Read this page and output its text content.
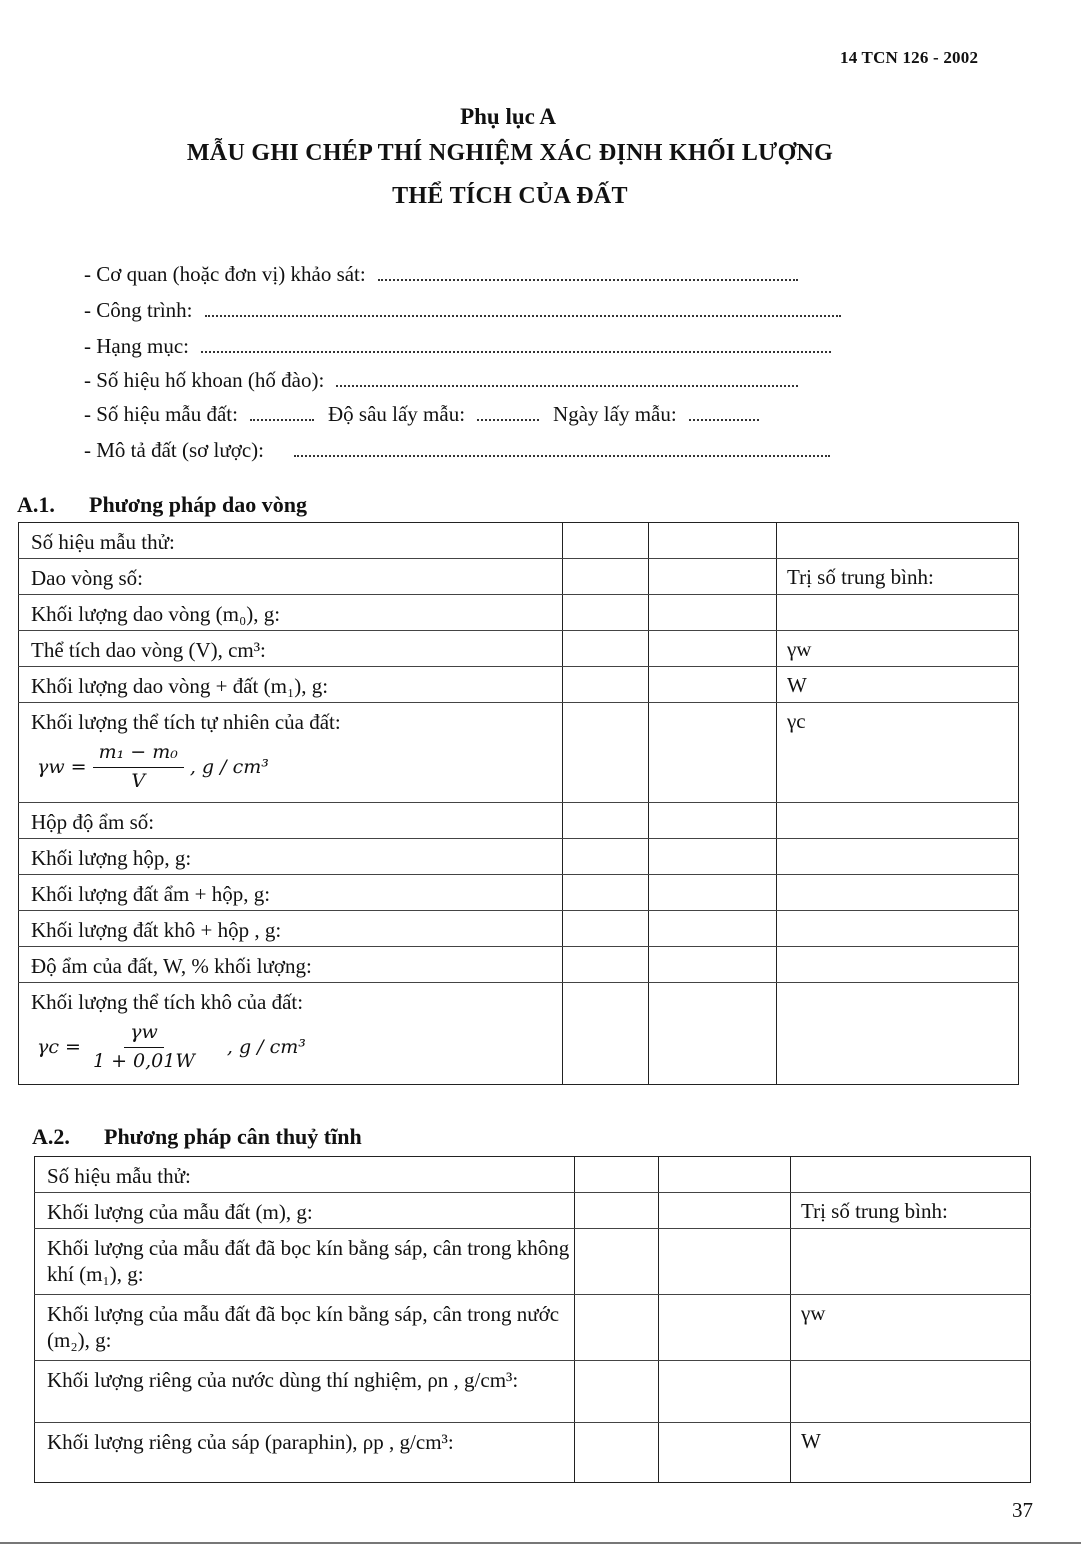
14 TCN 126 - 2002
Phụ lục A
MẪU GHI CHÉP THÍ NGHIỆM XÁC ĐỊNH KHỐI LƯỢNG
THỂ TÍCH CỦA ĐẤT
- Cơ quan (hoặc đơn vị) khảo sát:
- Công trình:
- Hạng mục:
- Số hiệu hố khoan (hố đào):
- Số hiệu mẫu đất:	Độ sâu lấy mẫu:	Ngày lấy mẫu:
- Mô tả đất (sơ lược):
A.1. Phương pháp dao vòng
Số hiệu mẫu thử:			
Dao vòng số:			Trị số trung bình:
Khối lượng dao vòng (m₀), g:			
Thể tích dao vòng (V), cm³:			γw
Khối lượng dao vòng + đất (m₁), g:			W

Khối lượng thể tích tự nhiên của đất:
$\gamma w = \frac{\text{m₁ − m₀}}{V}$ , g / cm³			γc
Hộp độ ẩm số:			
Khối lượng hộp, g:			
Khối lượng đất ẩm + hộp, g:			
Khối lượng đất khô + hộp , g:			
Độ ẩm của đất, W, % khối lượng:			

Khối lượng thể tích khô của đất:
$\gamma c = \frac{\gamma w}{1 + 0,01W}$ , g / cm³			

A.2. Phương pháp cân thuỷ tĩnh
Số hiệu mẫu thử:			
Khối lượng của mẫu đất (m), g:			Trị số trung bình:
Khối lượng của mẫu đất đã bọc kín bằng sáp, cân trong không khí (m₁), g:			
Khối lượng của mẫu đất đã bọc kín bằng sáp, cân trong nước (m₂), g:			γw
Khối lượng riêng của nước dùng thí nghiệm, ρn , g/cm³:			
Khối lượng riêng của sáp (paraphin), ρp , g/cm³:			W
37
